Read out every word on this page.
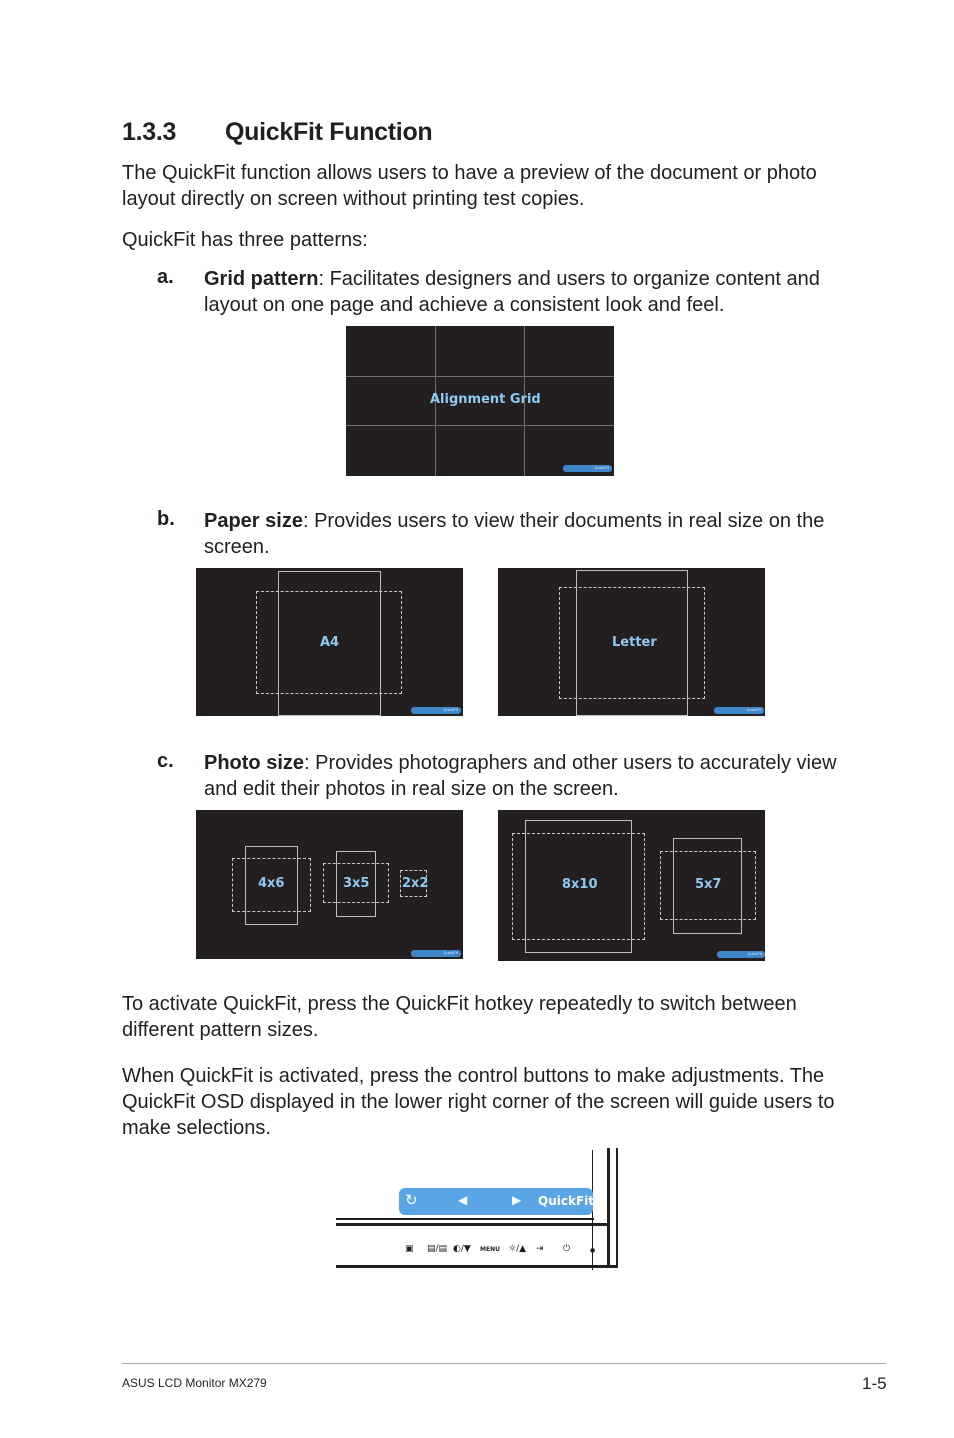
1.3.3 QuickFit Function

The QuickFit function allows users to have a preview of the document or photo layout directly on screen without printing test copies.

QuickFit has three patterns:

a. Grid pattern: Facilitates designers and users to organize content and layout on one page and achieve a consistent look and feel.

Alignment Grid
QuickFit
b. Paper size: Provides users to view their documents in real size on the screen.

A4
QuickFit
Letter
QuickFit
c. Photo size: Provides photographers and other users to accurately view and edit their photos in real size on the screen.

4x6	3x5	2x2
QuickFit
8x10	5x7
QuickFit

To activate QuickFit, press the QuickFit hotkey repeatedly to switch between different pattern sizes.

When QuickFit is activated, press the control buttons to make adjustments. The QuickFit OSD displayed in the lower right corner of the screen will guide users to make selections.

↻	◀	▶ QuickFit
▣ ▤/▤ ◐/▼ MENU ☼/▲ ⇥ ⏻	●
ASUS LCD Monitor MX279	1-5
